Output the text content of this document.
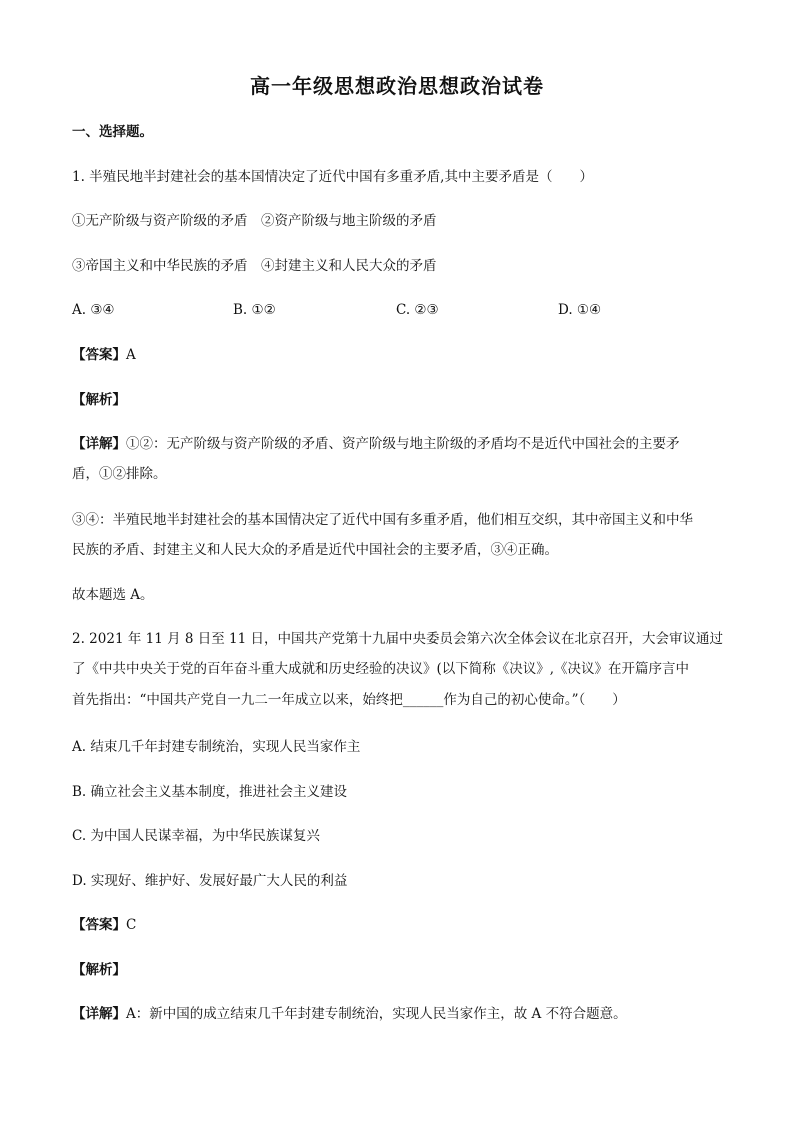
高一年级思想政治思想政治试卷
一、选择题。
1. 半殖民地半封建社会的基本国情决定了近代中国有多重矛盾,其中主要矛盾是（　　）
①无产阶级与资产阶级的矛盾　②资产阶级与地主阶级的矛盾
③帝国主义和中华民族的矛盾　④封建主义和人民大众的矛盾
A. ③④	B. ①②	C. ②③	D. ①④
【答案】A
【解析】
【详解】①②：无产阶级与资产阶级的矛盾、资产阶级与地主阶级的矛盾均不是近代中国社会的主要矛
盾，①②排除。
③④：半殖民地半封建社会的基本国情决定了近代中国有多重矛盾，他们相互交织，其中帝国主义和中华
民族的矛盾、封建主义和人民大众的矛盾是近代中国社会的主要矛盾，③④正确。
故本题选 A。
2. 2021 年 11 月 8 日至 11 日，中国共产党第十九届中央委员会第六次全体会议在北京召开，大会审议通过
了《中共中央关于党的百年奋斗重大成就和历史经验的决议》(以下简称《决议》,《决议》在开篇序言中
首先指出：“中国共产党自一九二一年成立以来，始终把______作为自己的初心使命。”（　　）
A. 结束几千年封建专制统治，实现人民当家作主
B. 确立社会主义基本制度，推进社会主义建设
C. 为中国人民谋幸福，为中华民族谋复兴
D. 实现好、维护好、发展好最广大人民的利益
【答案】C
【解析】
【详解】A：新中国的成立结束几千年封建专制统治，实现人民当家作主，故 A 不符合题意。
